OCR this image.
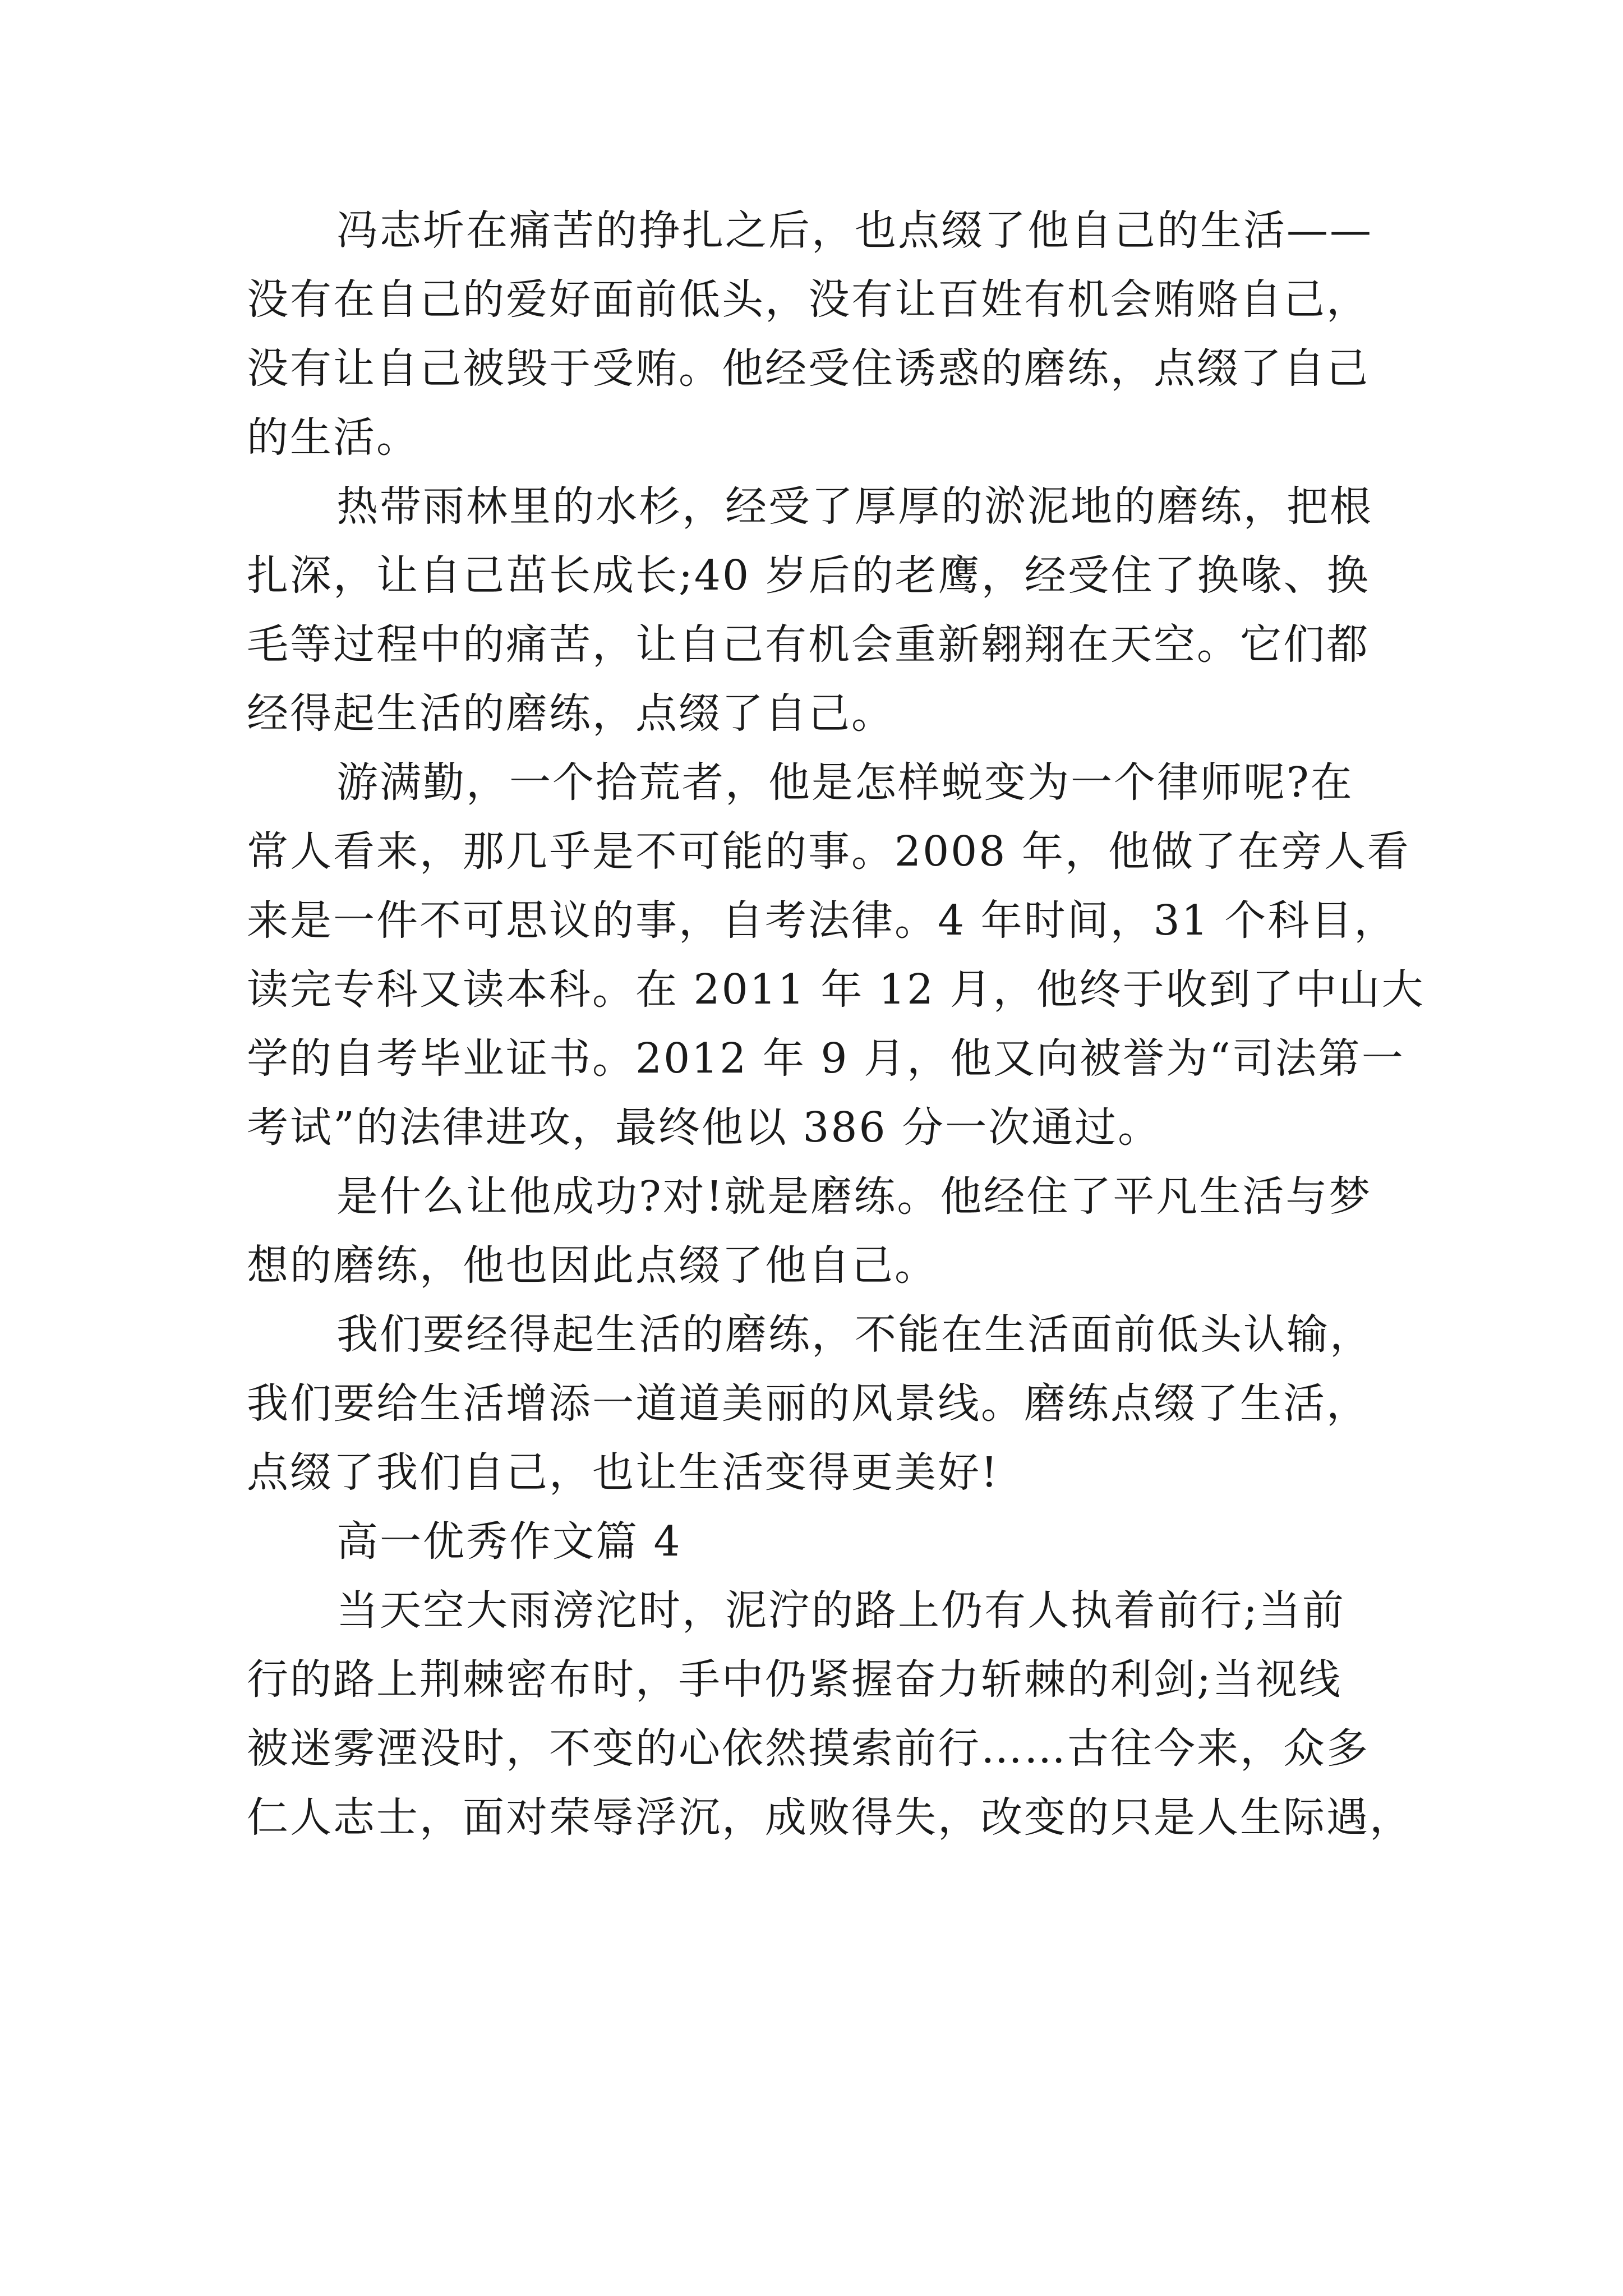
冯志圻在痛苦的挣扎之后，也点缀了他自己的生活——
没有在自己的爱好面前低头，没有让百姓有机会贿赂自己，
没有让自己被毁于受贿。他经受住诱惑的磨练，点缀了自己
的生活。
热带雨林里的水杉，经受了厚厚的淤泥地的磨练，把根
扎深，让自己茁长成长;40 岁后的老鹰，经受住了换喙、换
毛等过程中的痛苦，让自己有机会重新翱翔在天空。它们都
经得起生活的磨练，点缀了自己。
游满勤，一个拾荒者，他是怎样蜕变为一个律师呢?在
常人看来，那几乎是不可能的事。2008 年，他做了在旁人看
来是一件不可思议的事，自考法律。4 年时间，31 个科目，
读完专科又读本科。在 2011 年 12 月，他终于收到了中山大
学的自考毕业证书。2012 年 9 月，他又向被誉为“司法第一
考试”的法律进攻，最终他以 386 分一次通过。
是什么让他成功?对!就是磨练。他经住了平凡生活与梦
想的磨练，他也因此点缀了他自己。
我们要经得起生活的磨练，不能在生活面前低头认输，
我们要给生活增添一道道美丽的风景线。磨练点缀了生活，
点缀了我们自己，也让生活变得更美好!
高一优秀作文篇 4
当天空大雨滂沱时，泥泞的路上仍有人执着前行;当前
行的路上荆棘密布时，手中仍紧握奋力斩棘的利剑;当视线
被迷雾湮没时，不变的心依然摸索前行……古往今来，众多
仁人志士，面对荣辱浮沉，成败得失，改变的只是人生际遇，
